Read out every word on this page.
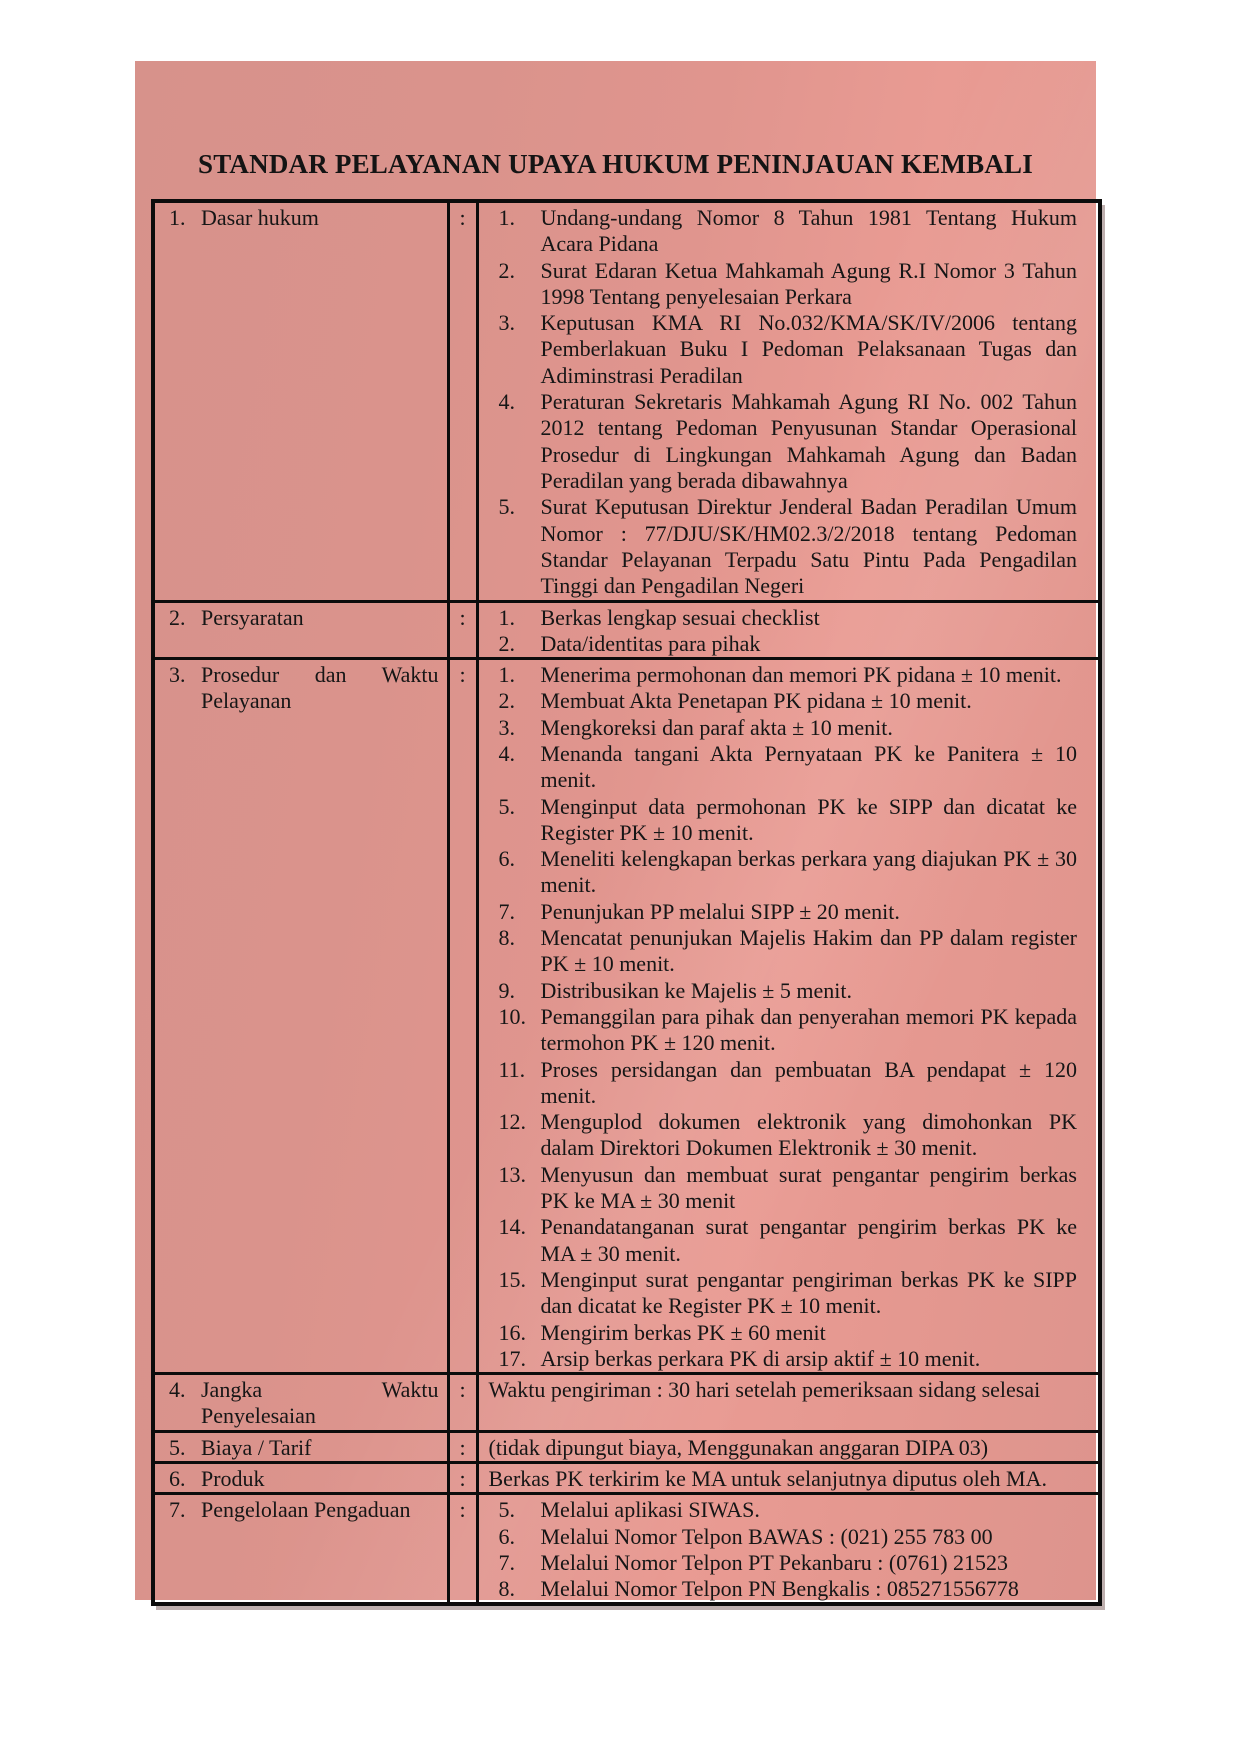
STANDAR PELAYANAN UPAYA HUKUM PENINJAUAN KEMBALI
1. Dasar hukum	:	
1.Undang-undang Nomor 8 Tahun 1981 Tentang Hukum Acara Pidana
2. Surat Edaran Ketua Mahkamah Agung R.I Nomor 3 Tahun 1998 Tentang penyelesaian Perkara
3. Keputusan KMA RI No.032/KMA/SK/IV/2006 tentang Pemberlakuan Buku I Pedoman Pelaksanaan Tugas dan Adiminstrasi Peradilan
4. Peraturan Sekretaris Mahkamah Agung RI No. 002 Tahun 2012 tentang Pedoman Penyusunan Standar Operasional Prosedur di Lingkungan Mahkamah Agung dan Badan Peradilan yang berada dibawahnya
5. Surat Keputusan Direktur Jenderal Badan Peradilan Umum Nomor : 77/DJU/SK/HM02.3/2/2018 tentang Pedoman Standar Pelayanan Terpadu Satu Pintu Pada Pengadilan Tinggi dan Pengadilan Negeri

2. Persyaratan	:	
1.Berkas lengkap sesuai checklist
2. Data/identitas para pihak

3. Prosedur dan Waktu Pelayanan
	:	
1.Menerima permohonan dan memori PK pidana ± 10 menit.
2. Membuat Akta Penetapan PK pidana ± 10 menit.
3. Mengkoreksi dan paraf akta ± 10 menit.
4. Menanda tangani Akta Pernyataan PK ke Panitera ± 10 menit.
5. Menginput data permohonan PK ke SIPP dan dicatat ke Register PK ± 10 menit.
6. Meneliti kelengkapan berkas perkara yang diajukan PK ± 30 menit.
7. Penunjukan PP melalui SIPP ± 20 menit.
8. Mencatat penunjukan Majelis Hakim dan PP dalam register PK ± 10 menit.
9. Distribusikan ke Majelis ± 5 menit.
10. Pemanggilan para pihak dan penyerahan memori PK kepada termohon PK ± 120 menit.
11. Proses persidangan dan pembuatan BA pendapat ± 120 menit.
12. Menguplod dokumen elektronik yang dimohonkan PK dalam Direktori Dokumen Elektronik ± 30 menit.
13. Menyusun dan membuat surat pengantar pengirim berkas PK ke MA ± 30 menit
14. Penandatanganan surat pengantar pengirim berkas PK ke MA ± 30 menit.
15. Menginput surat pengantar pengiriman berkas PK ke SIPP dan dicatat ke Register PK ± 10 menit.
16. Mengirim berkas PK ± 60 menit
17. Arsip berkas perkara PK di arsip aktif ± 10 menit.

4. Jangka Waktu Penyelesaian	:	Waktu pengiriman : 30 hari setelah pemeriksaan sidang selesai

5. Biaya / Tarif	:	(tidak dipungut biaya, Menggunakan anggaran DIPA 03)

6. Produk	:	Berkas PK terkirim ke MA untuk selanjutnya diputus oleh MA.

7. Pengelolaan Pengaduan	:	
5.Melalui aplikasi SIWAS.
6. Melalui Nomor Telpon BAWAS : (021) 255 783 00
7. Melalui Nomor Telpon PT Pekanbaru : (0761) 21523
8. Melalui Nomor Telpon PN Bengkalis : 085271556778
